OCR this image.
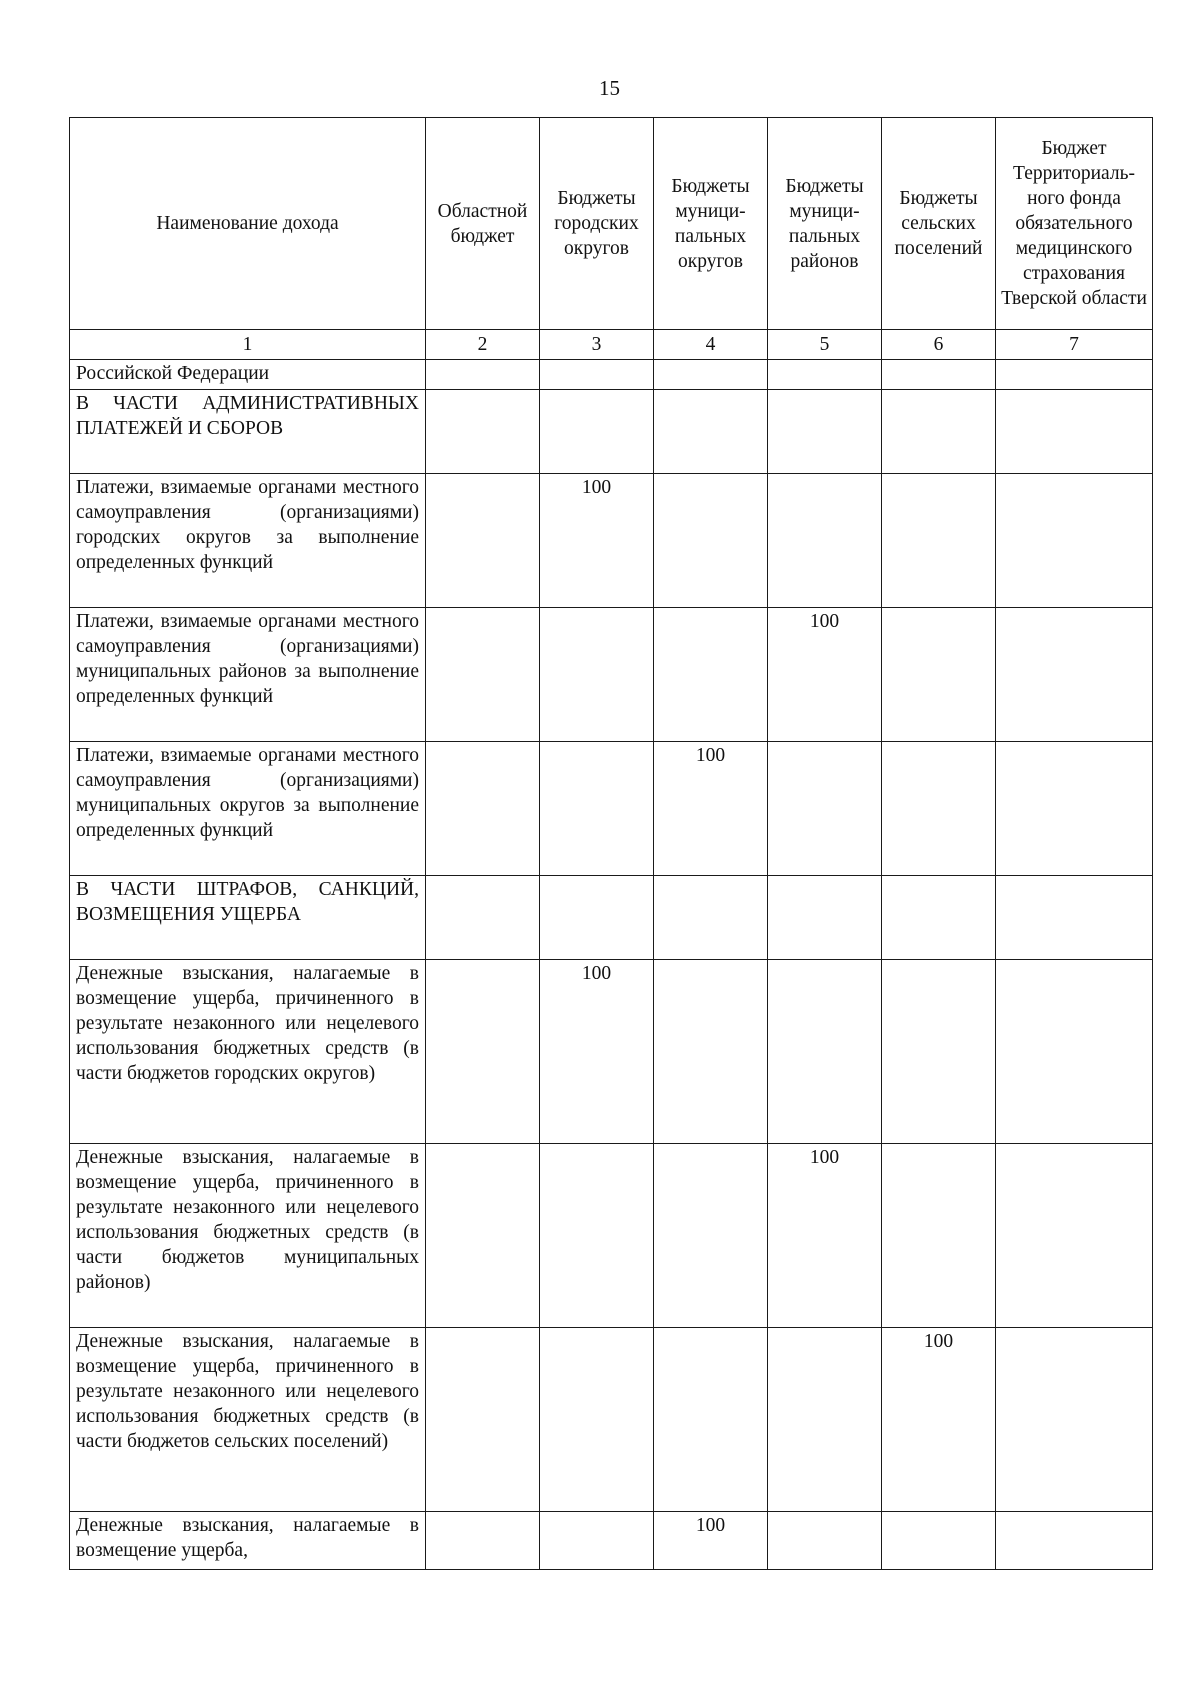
15
Наименование дохода	Областной бюджет	Бюджеты городских округов	Бюджеты муници-пальных округов	Бюджеты муници-пальных районов	Бюджеты сельских поселений	Бюджет Территориаль-ного фонда обязательного медицинского страхования Тверской области
1	2	3	4	5	6	7
Российской Федерации						
В ЧАСТИ АДМИНИСТРАТИВНЫХ ПЛАТЕЖЕЙ И СБОРОВ						
Платежи, взимаемые органами местного самоуправления (организациями) городских округов за выполнение определенных функций		100				
Платежи, взимаемые органами местного самоуправления (организациями) муниципальных районов за выполнение определенных функций				100		
Платежи, взимаемые органами местного самоуправления (организациями) муниципальных округов за выполнение определенных функций			100			
В ЧАСТИ ШТРАФОВ, САНКЦИЙ, ВОЗМЕЩЕНИЯ УЩЕРБА						
Денежные взыскания, налагаемые в возмещение ущерба, причиненного в результате незаконного или нецелевого использования бюджетных средств (в части бюджетов городских округов)		100				
Денежные взыскания, налагаемые в возмещение ущерба, причиненного в результате незаконного или нецелевого использования бюджетных средств (в части бюджетов муниципальных районов)				100		
Денежные взыскания, налагаемые в возмещение ущерба, причиненного в результате незаконного или нецелевого использования бюджетных средств (в части бюджетов сельских поселений)					100	
Денежные взыскания, налагаемые в возмещение ущерба,			100			
